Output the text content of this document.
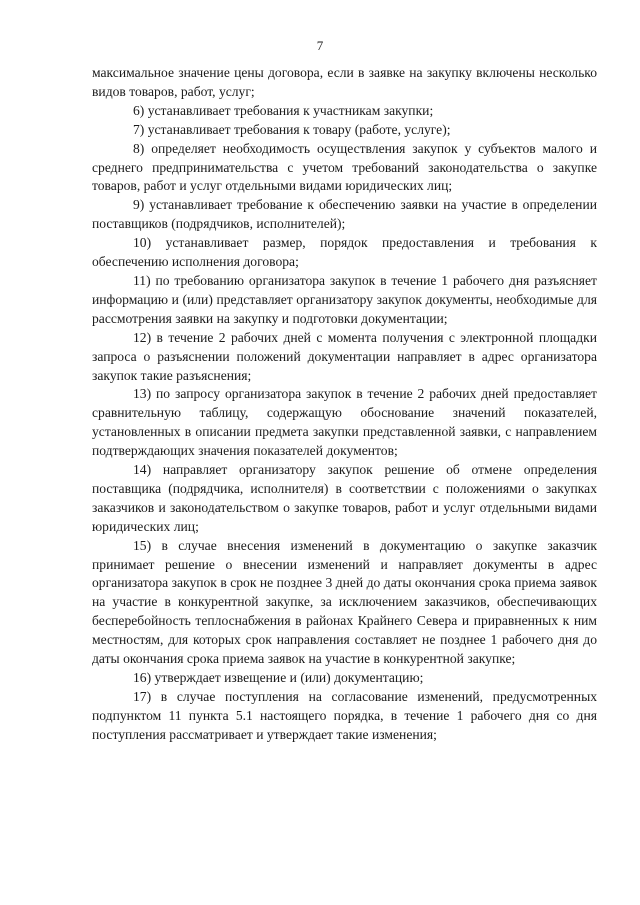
7

максимальное значение цены договора, если в заявке на закупку включены несколько видов товаров, работ, услуг;

6) устанавливает требования к участникам закупки;

7) устанавливает требования к товару (работе, услуге);

8) определяет необходимость осуществления закупок у субъектов малого и среднего предпринимательства с учетом требований законодательства о закупке товаров, работ и услуг отдельными видами юридических лиц;

9) устанавливает требование к обеспечению заявки на участие в определении поставщиков (подрядчиков, исполнителей);

10) устанавливает размер, порядок предоставления и требования к обеспечению исполнения договора;

11) по требованию организатора закупок в течение 1 рабочего дня разъясняет информацию и (или) представляет организатору закупок документы, необходимые для рассмотрения заявки на закупку и подготовки документации;

12) в течение 2 рабочих дней с момента получения с электронной площадки запроса о разъяснении положений документации направляет в адрес организатора закупок такие разъяснения;

13) по запросу организатора закупок в течение 2 рабочих дней предоставляет сравнительную таблицу, содержащую обоснование значений показателей, установленных в описании предмета закупки представленной заявки, с направлением подтверждающих значения показателей документов;

14) направляет организатору закупок решение об отмене определения поставщика (подрядчика, исполнителя) в соответствии с положениями о закупках заказчиков и законодательством о закупке товаров, работ и услуг отдельными видами юридических лиц;

15) в случае внесения изменений в документацию о закупке заказчик принимает решение о внесении изменений и направляет документы в адрес организатора закупок в срок не позднее 3 дней до даты окончания срока приема заявок на участие в конкурентной закупке, за исключением заказчиков, обеспечивающих бесперебойность теплоснабжения в районах Крайнего Севера и приравненных к ним местностям, для которых срок направления составляет не позднее 1 рабочего дня до даты окончания срока приема заявок на участие в конкурентной закупке;

16) утверждает извещение и (или) документацию;

17) в случае поступления на согласование изменений, предусмотренных подпунктом 11 пункта 5.1 настоящего порядка, в течение 1 рабочего дня со дня поступления рассматривает и утверждает такие изменения;
